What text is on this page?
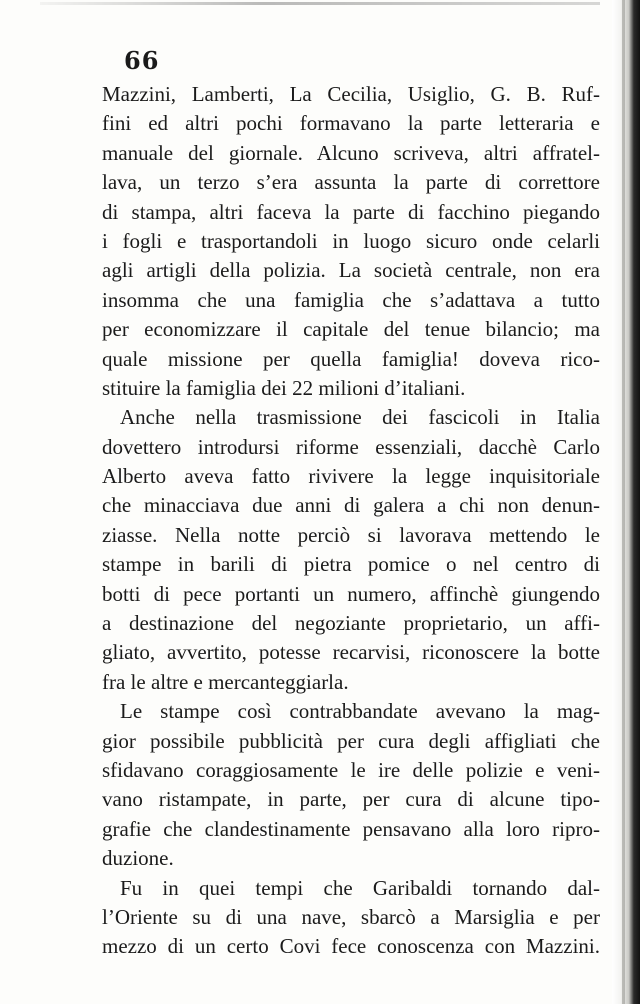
66
Mazzini, Lamberti, La Cecilia, Usiglio, G. B. Ruf-
fini ed altri pochi formavano la parte letteraria e
manuale del giornale. Alcuno scriveva, altri affratel-
lava, un terzo s’era assunta la parte di correttore
di stampa, altri faceva la parte di facchino piegando
i fogli e trasportandoli in luogo sicuro onde celarli
agli artigli della polizia. La società centrale, non era
insomma che una famiglia che s’adattava a tutto
per economizzare il capitale del tenue bilancio; ma
quale missione per quella famiglia! doveva rico-
stituire la famiglia dei 22 milioni d’italiani.
Anche nella trasmissione dei fascicoli in Italia
dovettero introdursi riforme essenziali, dacchè Carlo
Alberto aveva fatto rivivere la legge inquisitoriale
che minacciava due anni di galera a chi non denun-
ziasse. Nella notte perciò si lavorava mettendo le
stampe in barili di pietra pomice o nel centro di
botti di pece portanti un numero, affinchè giungendo
a destinazione del negoziante proprietario, un affi-
gliato, avvertito, potesse recarvisi, riconoscere la botte
fra le altre e mercanteggiarla.
Le stampe così contrabbandate avevano la mag-
gior possibile pubblicità per cura degli affigliati che
sfidavano coraggiosamente le ire delle polizie e veni-
vano ristampate, in parte, per cura di alcune tipo-
grafie che clandestinamente pensavano alla loro ripro-
duzione.
Fu in quei tempi che Garibaldi tornando dal-
l’Oriente su di una nave, sbarcò a Marsiglia e per
mezzo di un certo Covi fece conoscenza con Mazzini.
